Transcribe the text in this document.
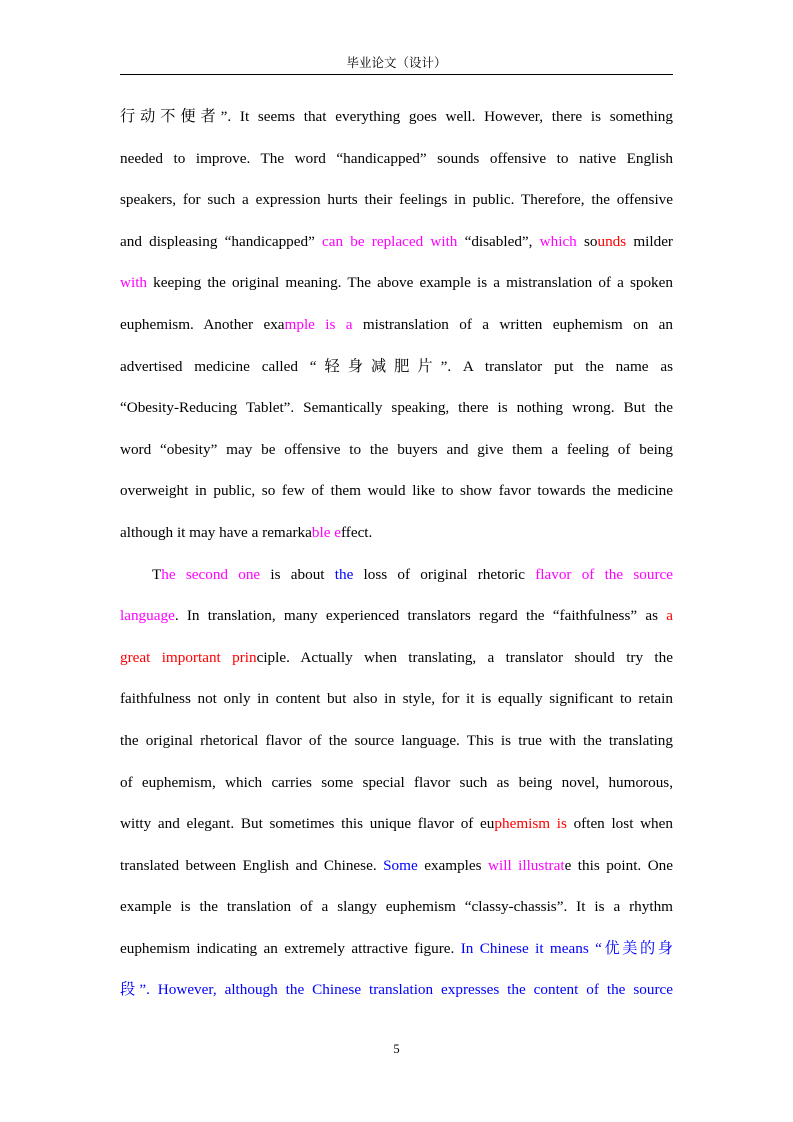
毕业论文（设计）
行动不便者”. It seems that everything goes well. However, there is something
needed to improve. The word “handicapped” sounds offensive to native English
speakers, for such a expression hurts their feelings in public. Therefore, the offensive
and displeasing “handicapped” can be replaced with “disabled”, which sounds milder
with keeping the original meaning. The above example is a mistranslation of a spoken
euphemism. Another example is a mistranslation of a written euphemism on an
advertised medicine called “轻身减肥片”. A translator put the name as
“Obesity-Reducing Tablet”. Semantically speaking, there is nothing wrong. But the
word “obesity” may be offensive to the buyers and give them a feeling of being
overweight in public, so few of them would like to show favor towards the medicine
although it may have a remarkable effect.
The second one is about the loss of original rhetoric flavor of the source
language. In translation, many experienced translators regard the “faithfulness” as a
great important principle. Actually when translating, a translator should try the
faithfulness not only in content but also in style, for it is equally significant to retain
the original rhetorical flavor of the source language. This is true with the translating
of euphemism, which carries some special flavor such as being novel, humorous,
witty and elegant. But sometimes this unique flavor of euphemism is often lost when
translated between English and Chinese. Some examples will illustrate this point. One
example is the translation of a slangy euphemism “classy-chassis”. It is a rhythm
euphemism indicating an extremely attractive figure. In Chinese it means “优美的身
段”. However, although the Chinese translation expresses the content of the source
5
